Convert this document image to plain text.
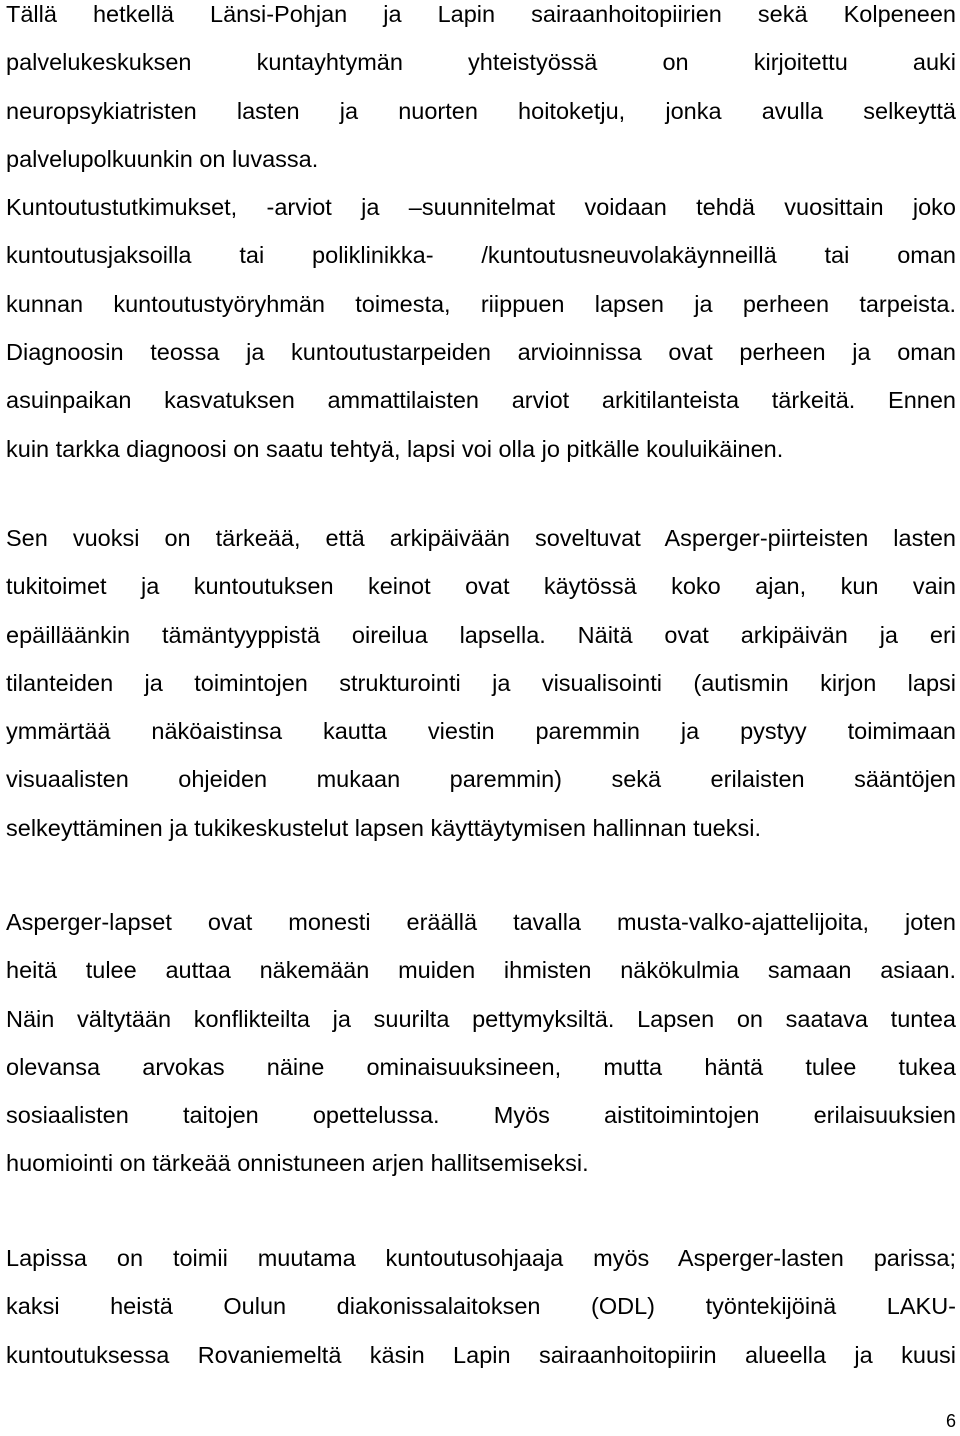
Tällä hetkellä Länsi-Pohjan ja Lapin sairaanhoitopiirien sekä Kolpeneen
palvelukeskuksen kuntayhtymän yhteistyössä on kirjoitettu auki
neuropsykiatristen lasten ja nuorten hoitoketju, jonka avulla selkeyttä
palvelupolkuunkin on luvassa.
Kuntoutustutkimukset, -arviot ja –suunnitelmat voidaan tehdä vuosittain joko
kuntoutusjaksoilla tai poliklinikka- /kuntoutusneuvolakäynneillä tai oman
kunnan kuntoutustyöryhmän toimesta, riippuen lapsen ja perheen tarpeista.
Diagnoosin teossa ja kuntoutustarpeiden arvioinnissa ovat perheen ja oman
asuinpaikan kasvatuksen ammattilaisten arviot arkitilanteista tärkeitä. Ennen
kuin tarkka diagnoosi on saatu tehtyä, lapsi voi olla jo pitkälle kouluikäinen.
Sen vuoksi on tärkeää, että arkipäivään soveltuvat Asperger-piirteisten lasten
tukitoimet ja kuntoutuksen keinot ovat käytössä koko ajan, kun vain
epäilläänkin tämäntyyppistä oireilua lapsella. Näitä ovat arkipäivän ja eri
tilanteiden ja toimintojen strukturointi ja visualisointi (autismin kirjon lapsi
ymmärtää näköaistinsa kautta viestin paremmin ja pystyy toimimaan
visuaalisten ohjeiden mukaan paremmin) sekä erilaisten sääntöjen
selkeyttäminen ja tukikeskustelut lapsen käyttäytymisen hallinnan tueksi.
Asperger-lapset ovat monesti eräällä tavalla musta-valko-ajattelijoita, joten
heitä tulee auttaa näkemään muiden ihmisten näkökulmia samaan asiaan.
Näin vältytään konflikteilta ja suurilta pettymyksiltä. Lapsen on saatava tuntea
olevansa arvokas näine ominaisuuksineen, mutta häntä tulee tukea
sosiaalisten taitojen opettelussa. Myös aistitoimintojen erilaisuuksien
huomiointi on tärkeää onnistuneen arjen hallitsemiseksi.
Lapissa on toimii muutama kuntoutusohjaaja myös Asperger-lasten parissa;
kaksi heistä Oulun diakonissalaitoksen (ODL) työntekijöinä LAKU-
kuntoutuksessa Rovaniemeltä käsin Lapin sairaanhoitopiirin alueella ja kuusi
6
